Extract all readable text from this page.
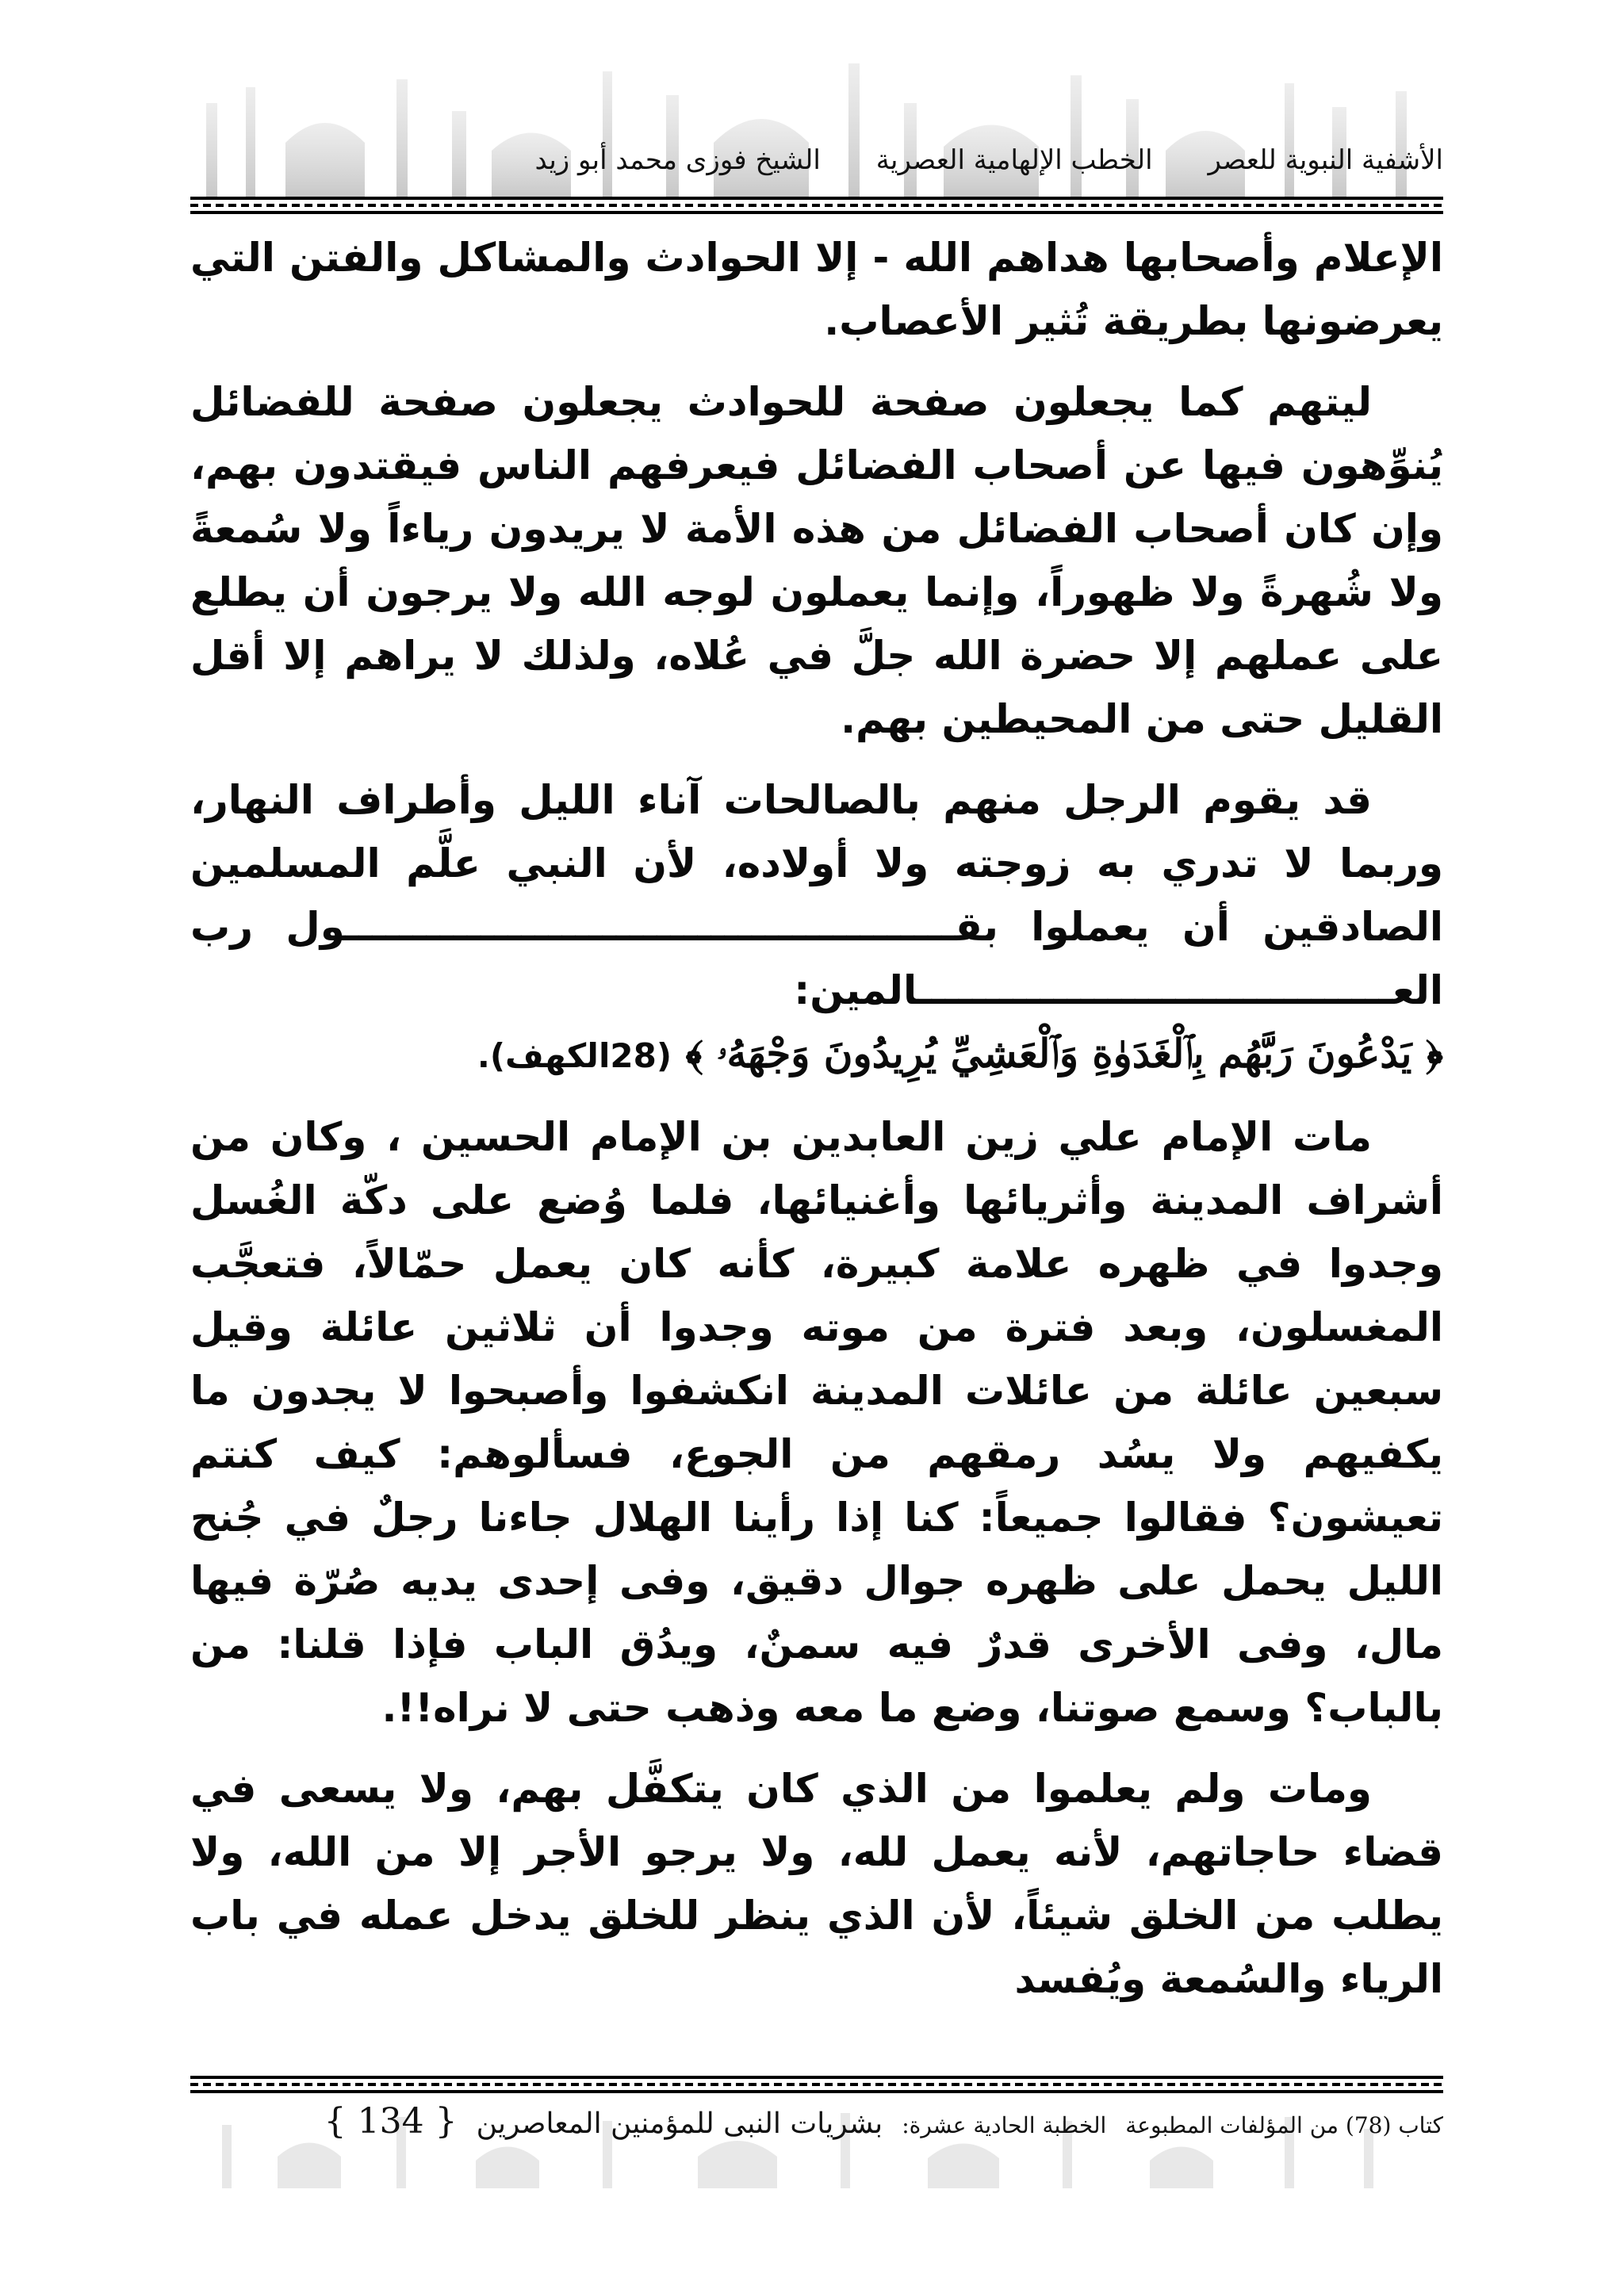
الأشفية النبوية للعصر
الخطب الإلهامية العصرية
الشيخ فوزى محمد أبو زيد

الإعلام وأصحابها هداهم الله - إلا الحوادث والمشاكل والفتن التي يعرضونها بطريقة تُثير الأعصاب.

ليتهم كما يجعلون صفحة للحوادث يجعلون صفحة للفضائل يُنوِّهون فيها عن أصحاب الفضائل فيعرفهم الناس فيقتدون بهم، وإن كان أصحاب الفضائل من هذه الأمة لا يريدون رياءاً ولا سُمعةً ولا شُهرةً ولا ظهوراً، وإنما يعملون لوجه الله ولا يرجون أن يطلع على عملهم إلا حضرة الله جلَّ في عُلاه، ولذلك لا يراهم إلا أقل القليل حتى من المحيطين بهم.

قد يقوم الرجل منهم بالصالحات آناء الليل وأطراف النهار، وربما لا تدري به زوجته ولا أولاده، لأن النبي علَّم المسلمين الصادقين أن يعملوا بقـــــــــــــــــــــــــــــــــــــــــــــول رب العـــــــــــــــــــــــــــــــــــالمين:

﴿ يَدْعُونَ رَبَّهُم بِٱلْغَدَوٰةِ وَٱلْعَشِيِّ يُرِيدُونَ وَجْهَهُۥ ﴾ (28الكهف).

مات الإمام علي زين العابدين بن الإمام الحسين ، وكان من أشراف المدينة وأثريائها وأغنيائها، فلما وُضع على دكّة الغُسل وجدوا في ظهره علامة كبيرة، كأنه كان يعمل حمّالاً، فتعجَّب المغسلون، وبعد فترة من موته وجدوا أن ثلاثين عائلة وقيل سبعين عائلة من عائلات المدينة انكشفوا وأصبحوا لا يجدون ما يكفيهم ولا يسُد رمقهم من الجوع، فسألوهم: كيف كنتم تعيشون؟ فقالوا جميعاً: كنا إذا رأينا الهلال جاءنا رجلٌ في جُنح الليل يحمل على ظهره جوال دقيق، وفى إحدى يديه صُرّة فيها مال، وفى الأخرى قدرٌ فيه سمنٌ، ويدُق الباب فإذا قلنا: من بالباب؟ وسمع صوتنا، وضع ما معه وذهب حتى لا نراه!!.

ومات ولم يعلموا من الذي كان يتكفَّل بهم، ولا يسعى في قضاء حاجاتهم، لأنه يعمل لله، ولا يرجو الأجر إلا من الله، ولا يطلب من الخلق شيئاً، لأن الذي ينظر للخلق يدخل عمله في باب الرياء والسُمعة ويُفسد

كتاب (78) من المؤلفات المطبوعة
الخطبة الحادية عشرة:
بشريات النبى للمؤمنين المعاصرين
{ 134 }
